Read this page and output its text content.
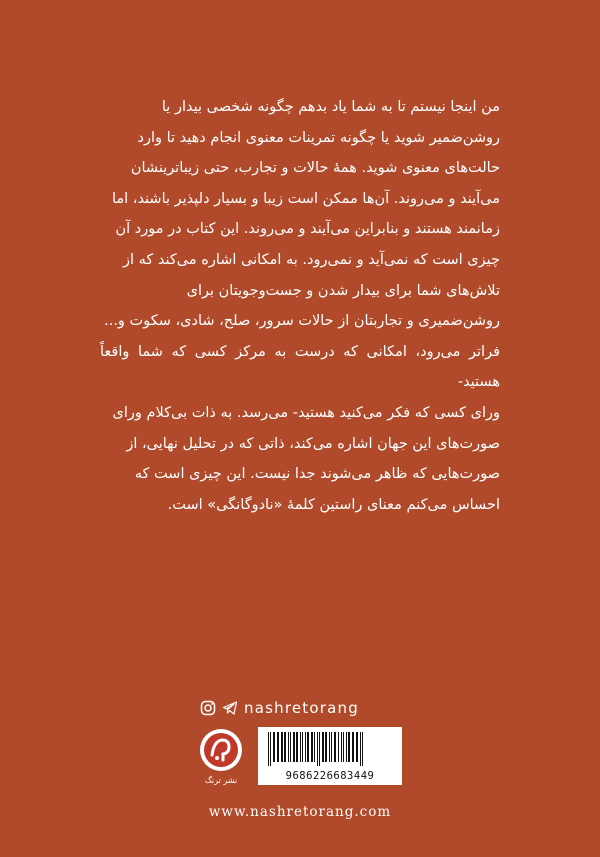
من اینجا نیستم تا به شما یاد بدهم چگونه شخصی بیدار یا

روشن‌ضمیر شوید یا چگونه تمرینات معنوی انجام دهید تا وارد

حالت‌های معنوی شوید. همهٔ حالات و تجارب، حتی زیباترینشان

می‌آیند و می‌روند. آن‌ها ممکن است زیبا و بسیار دلپذیر باشند، اما

زمانمند هستند و بنابراین می‌آیند و می‌روند. این کتاب در مورد آن

چیزی است که نمی‌آید و نمی‌رود. به امکانی اشاره می‌کند که از

تلاش‌های شما برای بیدار شدن و جست‌وجویتان برای

روشن‌ضمیری و تجاربتان از حالات سرور، صلح، شادی، سکوت و...

فراتر می‌رود، امکانی که درست به مرکز کسی که شما واقعاً هستید-

ورای کسی که فکر می‌کنید هستید- می‌رسد. به ذات بی‌کلام ورای

صورت‌های این جهان اشاره می‌کند، ذاتی که در تحلیل نهایی، از

صورت‌هایی که ظاهر می‌شوند جدا نیست. این چیزی است که

احساس می‌کنم معنای راستین کلمهٔ «نادوگانگی» است.

nashretorang
نشر ترنگ	9686226683449
www.nashretorang.com
